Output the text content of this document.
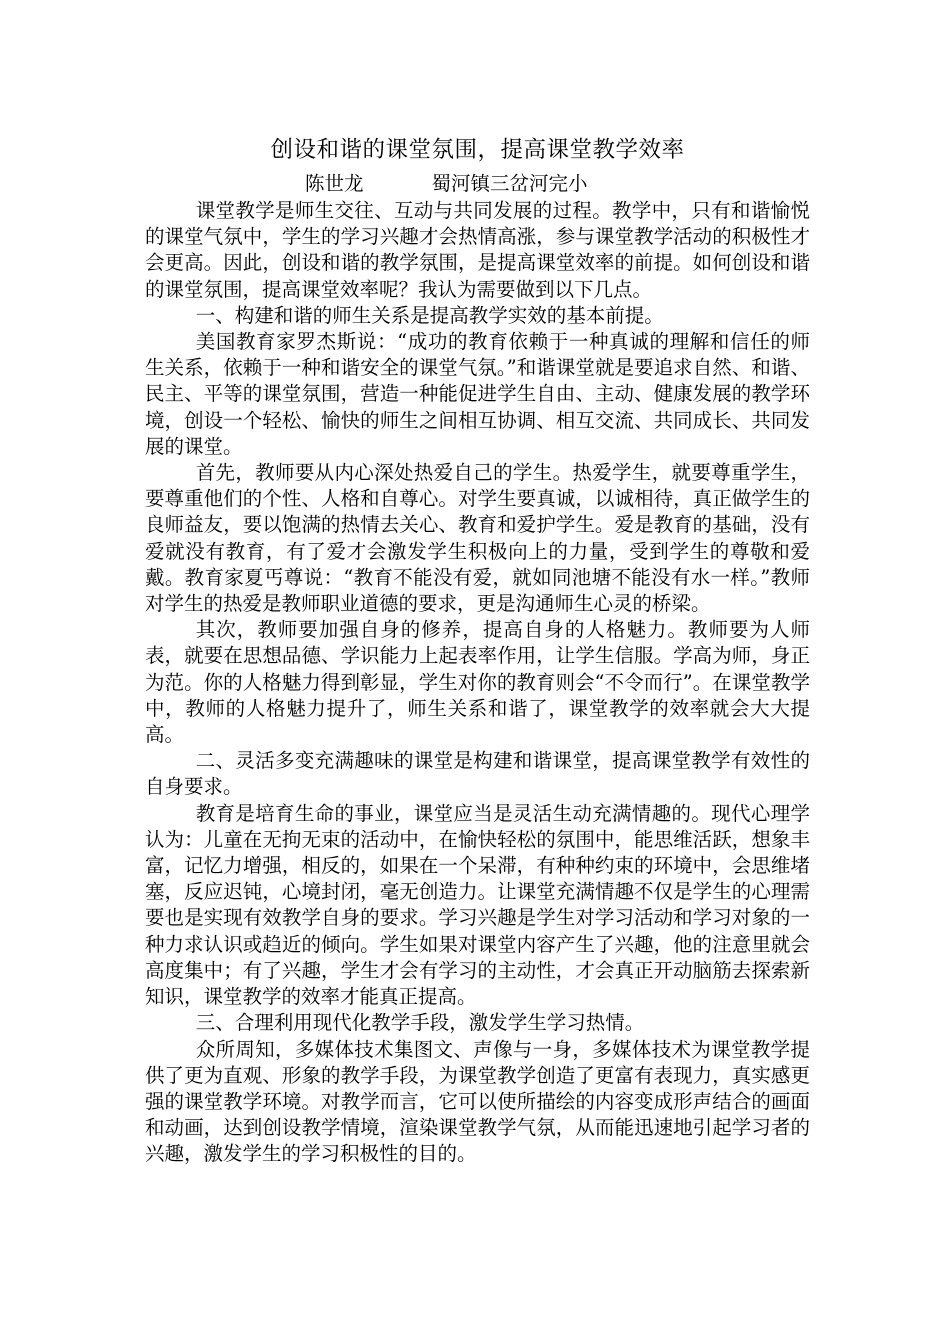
创设和谐的课堂氛围，提高课堂教学效率

陈世龙	蜀河镇三岔河完小

课堂教学是师生交往、互动与共同发展的过程。教学中，只有和谐愉悦的课堂气氛中，学生的学习兴趣才会热情高涨，参与课堂教学活动的积极性才会更高。因此，创设和谐的教学氛围，是提高课堂效率的前提。如何创设和谐的课堂氛围，提高课堂效率呢？我认为需要做到以下几点。

一、构建和谐的师生关系是提高教学实效的基本前提。

美国教育家罗杰斯说：“成功的教育依赖于一种真诚的理解和信任的师生关系，依赖于一种和谐安全的课堂气氛。”和谐课堂就是要追求自然、和谐、民主、平等的课堂氛围，营造一种能促进学生自由、主动、健康发展的教学环境，创设一个轻松、愉快的师生之间相互协调、相互交流、共同成长、共同发展的课堂。

首先，教师要从内心深处热爱自己的学生。热爱学生，就要尊重学生，要尊重他们的个性、人格和自尊心。对学生要真诚，以诚相待，真正做学生的良师益友，要以饱满的热情去关心、教育和爱护学生。爱是教育的基础，没有爱就没有教育，有了爱才会激发学生积极向上的力量，受到学生的尊敬和爱戴。教育家夏丐尊说：“教育不能没有爱，就如同池塘不能没有水一样。”教师对学生的热爱是教师职业道德的要求，更是沟通师生心灵的桥梁。

其次，教师要加强自身的修养，提高自身的人格魅力。教师要为人师表，就要在思想品德、学识能力上起表率作用，让学生信服。学高为师，身正为范。你的人格魅力得到彰显，学生对你的教育则会“不令而行”。在课堂教学中，教师的人格魅力提升了，师生关系和谐了，课堂教学的效率就会大大提高。

二、灵活多变充满趣味的课堂是构建和谐课堂，提高课堂教学有效性的自身要求。

教育是培育生命的事业，课堂应当是灵活生动充满情趣的。现代心理学认为：儿童在无拘无束的活动中，在愉快轻松的氛围中，能思维活跃，想象丰富，记忆力增强，相反的，如果在一个呆滞，有种种约束的环境中，会思维堵塞，反应迟钝，心境封闭，毫无创造力。让课堂充满情趣不仅是学生的心理需要也是实现有效教学自身的要求。学习兴趣是学生对学习活动和学习对象的一种力求认识或趋近的倾向。学生如果对课堂内容产生了兴趣，他的注意里就会高度集中；有了兴趣，学生才会有学习的主动性，才会真正开动脑筋去探索新知识，课堂教学的效率才能真正提高。

三、合理利用现代化教学手段，激发学生学习热情。

众所周知，多媒体技术集图文、声像与一身，多媒体技术为课堂教学提供了更为直观、形象的教学手段，为课堂教学创造了更富有表现力，真实感更强的课堂教学环境。对教学而言，它可以使所描绘的内容变成形声结合的画面和动画，达到创设教学情境，渲染课堂教学气氛，从而能迅速地引起学习者的兴趣，激发学生的学习积极性的目的。
